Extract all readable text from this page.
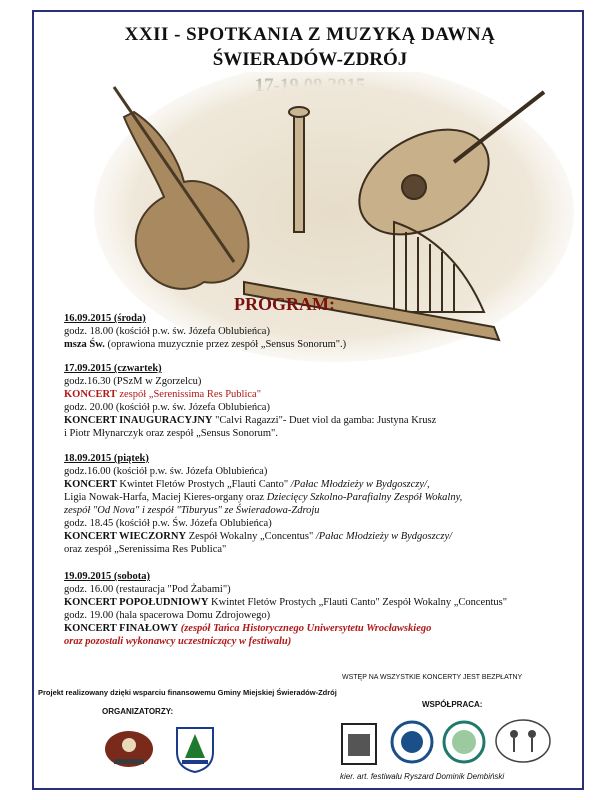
XXII - SPOTKANIA Z MUZYKĄ DAWNĄ
ŚWIERADÓW-ZDRÓJ
PROGRAM:
16.09.2015 (środa)
godz. 18.00 (kościół p.w. św. Józefa Oblubieńca)
msza Św. (oprawiona muzycznie przez zespół „Sensus Sonorum".)
17.09.2015 (czwartek)
godz.16.30 (PSzM w Zgorzelcu)
KONCERT zespół „Serenissima Res Publica"
godz. 20.00 (kościół p.w. św. Józefa Oblubieńca)
KONCERT INAUGURACYJNY "Calvi Ragazzi"- Duet viol da gamba: Justyna Krusz
i Piotr Młynarczyk oraz zespół „Sensus Sonorum".
18.09.2015 (piątek)
godz.16.00 (kościół p.w. św. Józefa Oblubieńca)
KONCERT Kwintet Fletów Prostych „Flauti Canto" /Pałac Młodzieży w Bydgoszczy/,
Ligia Nowak-Harfa, Maciej Kieres-organy oraz Dziecięcy Szkolno-Parafialny Zespół Wokalny,
zespół "Od Nova" i zespół "Tiburyus" ze Świeradowa-Zdroju
godz. 18.45 (kościół p.w. Św. Józefa Oblubieńca)
KONCERT WIECZORNY Zespół Wokalny „Concentus" /Pałac Młodzieży w Bydgoszczy/
oraz zespół „Serenissima Res Publica"
19.09.2015 (sobota)
godz. 16.00 (restauracja "Pod Żabami")
KONCERT POPOŁUDNIOWY Kwintet Fletów Prostych „Flauti Canto" Zespół Wokalny „Concentus"
godz. 19.00 (hala spacerowa Domu Zdrojowego)
KONCERT FINAŁOWY (zespół Tańca Historycznego Uniwersytetu Wrocławskiego
oraz pozostali wykonawcy uczestniczący w festiwalu)
WSTĘP NA WSZYSTKIE KONCERTY JEST BEZPŁATNY
Projekt realizowany dzięki wsparciu finansowemu Gminy Miejskiej Świeradów-Zdrój
ORGANIZATORZY:
WSPÓŁPRACA:
kier. art. festiwalu Ryszard Dominik Dembiński
